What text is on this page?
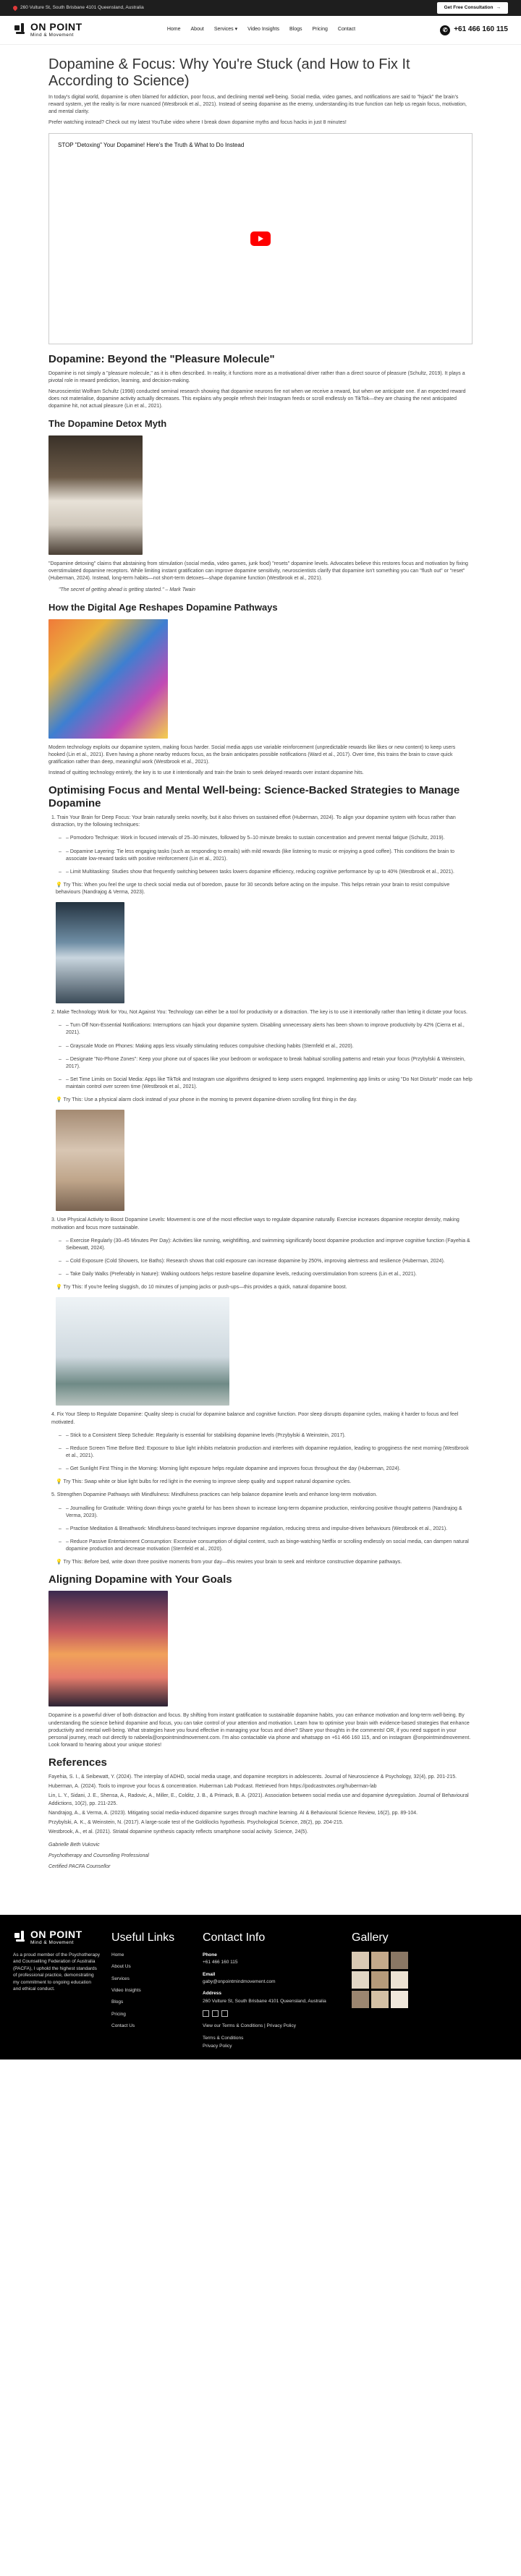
260 Vulture St, South Brisbane 4101 Queensland, Australia	Get Free Consultation →
ON POINT
Mind & Movement
Home About Services ▾ Video Insights Blogs Pricing Contact	✆ +61 466 160 115
Dopamine & Focus: Why You're Stuck (and How to Fix It According to Science)

In today's digital world, dopamine is often blamed for addiction, poor focus, and declining mental well-being. Social media, video games, and notifications are said to "hijack" the brain's reward system, yet the reality is far more nuanced (Westbrook et al., 2021). Instead of seeing dopamine as the enemy, understanding its true function can help us regain focus, motivation, and mental clarity.

Prefer watching instead? Check out my latest YouTube video where I break down dopamine myths and focus hacks in just 8 minutes!

STOP "Detoxing" Your Dopamine! Here's the Truth & What to Do Instead
Dopamine: Beyond the "Pleasure Molecule"

Dopamine is not simply a "pleasure molecule," as it is often described. In reality, it functions more as a motivational driver rather than a direct source of pleasure (Schultz, 2019). It plays a pivotal role in reward prediction, learning, and decision-making.

Neuroscientist Wolfram Schultz (1998) conducted seminal research showing that dopamine neurons fire not when we receive a reward, but when we anticipate one. If an expected reward does not materialise, dopamine activity actually decreases. This explains why people refresh their Instagram feeds or scroll endlessly on TikTok—they are chasing the next anticipated dopamine hit, not actual pleasure (Lin et al., 2021).

The Dopamine Detox Myth

"Dopamine detoxing" claims that abstaining from stimulation (social media, video games, junk food) "resets" dopamine levels. Advocates believe this restores focus and motivation by fixing overstimulated dopamine receptors. While limiting instant gratification can improve dopamine sensitivity, neuroscientists clarify that dopamine isn't something you can "flush out" or "reset" (Huberman, 2024). Instead, long-term habits—not short-term detoxes—shape dopamine function (Westbrook et al., 2021).

"The secret of getting ahead is getting started." – Mark Twain

How the Digital Age Reshapes Dopamine Pathways

Modern technology exploits our dopamine system, making focus harder. Social media apps use variable reinforcement (unpredictable rewards like likes or new content) to keep users hooked (Lin et al., 2021). Even having a phone nearby reduces focus, as the brain anticipates possible notifications (Ward et al., 2017). Over time, this trains the brain to crave quick gratification rather than deep, meaningful work (Westbrook et al., 2021).

Instead of quitting technology entirely, the key is to use it intentionally and train the brain to seek delayed rewards over instant dopamine hits.

Optimising Focus and Mental Well-being: Science-Backed Strategies to Manage Dopamine

1. Train Your Brain for Deep Focus: Your brain naturally seeks novelty, but it also thrives on sustained effort (Huberman, 2024). To align your dopamine system with focus rather than distraction, try the following techniques:

– – Pomodoro Technique: Work in focused intervals of 25–30 minutes, followed by 5–10 minute breaks to sustain concentration and prevent mental fatigue (Schultz, 2019).
– – Dopamine Layering: Tie less engaging tasks (such as responding to emails) with mild rewards (like listening to music or enjoying a good coffee). This conditions the brain to associate low-reward tasks with positive reinforcement (Lin et al., 2021).
– – Limit Multitasking: Studies show that frequently switching between tasks lowers dopamine efficiency, reducing cognitive performance by up to 40% (Westbrook et al., 2021).

💡 Try This: When you feel the urge to check social media out of boredom, pause for 30 seconds before acting on the impulse. This helps retrain your brain to resist compulsive behaviours (Nandrajog & Verma, 2023).

2. Make Technology Work for You, Not Against You: Technology can either be a tool for productivity or a distraction. The key is to use it intentionally rather than letting it dictate your focus.

– – Turn Off Non-Essential Notifications: Interruptions can hijack your dopamine system. Disabling unnecessary alerts has been shown to improve productivity by 42% (Cierra et al., 2021).
– – Grayscale Mode on Phones: Making apps less visually stimulating reduces compulsive checking habits (Sternfeld et al., 2020).
– – Designate "No-Phone Zones": Keep your phone out of spaces like your bedroom or workspace to break habitual scrolling patterns and retain your focus (Przybylski & Weinstein, 2017).
– – Set Time Limits on Social Media: Apps like TikTok and Instagram use algorithms designed to keep users engaged. Implementing app limits or using "Do Not Disturb" mode can help maintain control over screen time (Westbrook et al., 2021).

💡 Try This: Use a physical alarm clock instead of your phone in the morning to prevent dopamine-driven scrolling first thing in the day.

3. Use Physical Activity to Boost Dopamine Levels: Movement is one of the most effective ways to regulate dopamine naturally. Exercise increases dopamine receptor density, making motivation and focus more sustainable.

– – Exercise Regularly (30–45 Minutes Per Day): Activities like running, weightlifting, and swimming significantly boost dopamine production and improve cognitive function (Fayehia & Seibewatt, 2024).
– – Cold Exposure (Cold Showers, Ice Baths): Research shows that cold exposure can increase dopamine by 250%, improving alertness and resilience (Huberman, 2024).
– – Take Daily Walks (Preferably in Nature): Walking outdoors helps restore baseline dopamine levels, reducing overstimulation from screens (Lin et al., 2021).

💡 Try This: If you're feeling sluggish, do 10 minutes of jumping jacks or push-ups—this provides a quick, natural dopamine boost.

4. Fix Your Sleep to Regulate Dopamine: Quality sleep is crucial for dopamine balance and cognitive function. Poor sleep disrupts dopamine cycles, making it harder to focus and feel motivated.

– – Stick to a Consistent Sleep Schedule: Regularity is essential for stabilising dopamine levels (Przybylski & Weinstein, 2017).
– – Reduce Screen Time Before Bed: Exposure to blue light inhibits melatonin production and interferes with dopamine regulation, leading to grogginess the next morning (Westbrook et al., 2021).
– – Get Sunlight First Thing in the Morning: Morning light exposure helps regulate dopamine and improves focus throughout the day (Huberman, 2024).

💡 Try This: Swap white or blue light bulbs for red light in the evening to improve sleep quality and support natural dopamine cycles.

5. Strengthen Dopamine Pathways with Mindfulness: Mindfulness practices can help balance dopamine levels and enhance long-term motivation.

– – Journalling for Gratitude: Writing down things you're grateful for has been shown to increase long-term dopamine production, reinforcing positive thought patterns (Nandrajog & Verma, 2023).
– – Practise Meditation & Breathwork: Mindfulness-based techniques improve dopamine regulation, reducing stress and impulse-driven behaviours (Westbrook et al., 2021).
– – Reduce Passive Entertainment Consumption: Excessive consumption of digital content, such as binge-watching Netflix or scrolling endlessly on social media, can dampen natural dopamine production and decrease motivation (Sternfeld et al., 2020).

💡 Try This: Before bed, write down three positive moments from your day—this rewires your brain to seek and reinforce constructive dopamine pathways.

Aligning Dopamine with Your Goals

Dopamine is a powerful driver of both distraction and focus. By shifting from instant gratification to sustainable dopamine habits, you can enhance motivation and long-term well-being. By understanding the science behind dopamine and focus, you can take control of your attention and motivation. Learn how to optimise your brain with evidence-based strategies that enhance productivity and mental well-being. What strategies have you found effective in managing your focus and drive? Share your thoughts in the comments! OR, if you need support in your personal journey, reach out directly to nabeela@onpointmindmovement.com. I'm also contactable via phone and whatsapp on +61 466 160 115, and on instagram @onpointmindmovement. Look forward to hearing about your unique stories!

References

Fayehia, S. I., & Seibewatt, Y. (2024). The interplay of ADHD, social media usage, and dopamine receptors in adolescents. Journal of Neuroscience & Psychology, 32(4), pp. 201-215.

Huberman, A. (2024). Tools to improve your focus & concentration. Huberman Lab Podcast. Retrieved from https://podcastnotes.org/huberman-lab

Lin, L. Y., Sidani, J. E., Shensa, A., Radovic, A., Miller, E., Colditz, J. B., & Primack, B. A. (2021). Association between social media use and dopamine dysregulation. Journal of Behavioural Addictions, 10(2), pp. 211-225.

Nandrajog, A., & Verma, A. (2023). Mitigating social media-induced dopamine surges through machine learning. AI & Behavioural Science Review, 16(2), pp. 89-104.

Przybylski, A. K., & Weinstein, N. (2017). A large-scale test of the Goldilocks hypothesis. Psychological Science, 28(2), pp. 204-215.

Westbrook, A., et al. (2021). Striatal dopamine synthesis capacity reflects smartphone social activity. Science, 24(5).

Gabrielle Beth Vukovic

Psychotherapy and Counselling Professional

Certified PACFA Counsellor

ON POINT
Mind & Movement

As a proud member of the Psychotherapy and Counselling Federation of Australia (PACFA), I uphold the highest standards of professional practice, demonstrating my commitment to ongoing education and ethical conduct.

Useful Links
Home
About Us
Services
Video Insights
Blogs
Pricing
Contact Us
Contact Info
Phone
+61 466 160 115
Email
gaby@onpointmindmovement.com
Address
260 Vulture St, South Brisbane 4101 Queensland, Australia
View our Terms & Conditions | Privacy Policy
Terms & Conditions
Privacy Policy
Gallery
